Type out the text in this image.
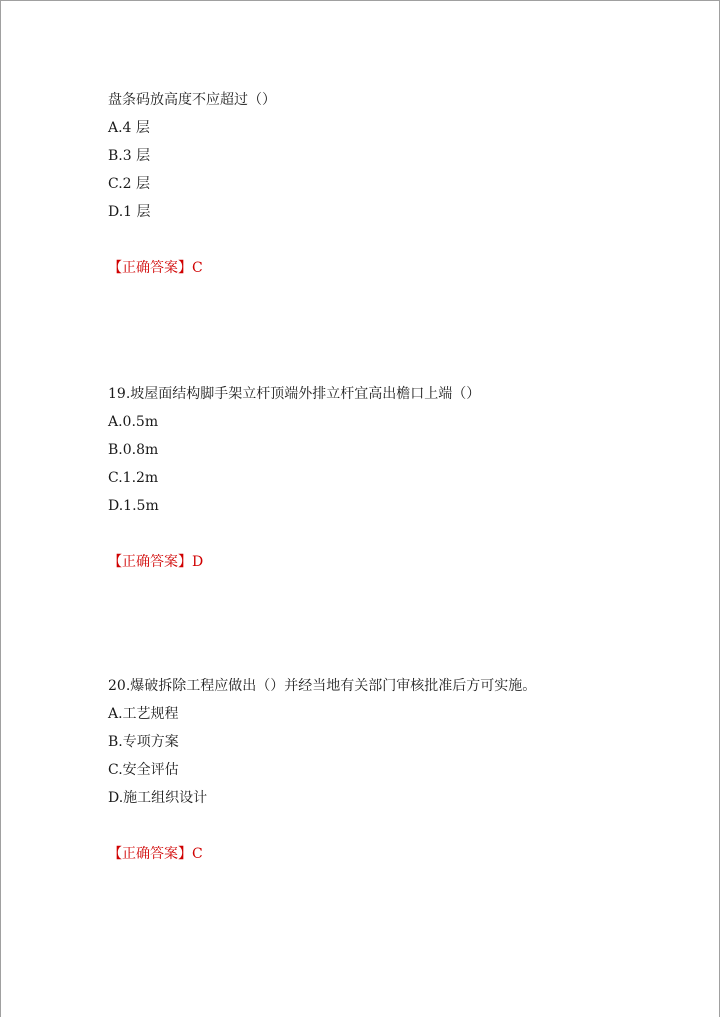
盘条码放高度不应超过（）
A.4 层
B.3 层
C.2 层
D.1 层
【正确答案】C
19.坡屋面结构脚手架立杆顶端外排立杆宜高出檐口上端（）
A.0.5m
B.0.8m
C.1.2m
D.1.5m
【正确答案】D
20.爆破拆除工程应做出（）并经当地有关部门审核批准后方可实施。
A.工艺规程
B.专项方案
C.安全评估
D.施工组织设计
【正确答案】C
